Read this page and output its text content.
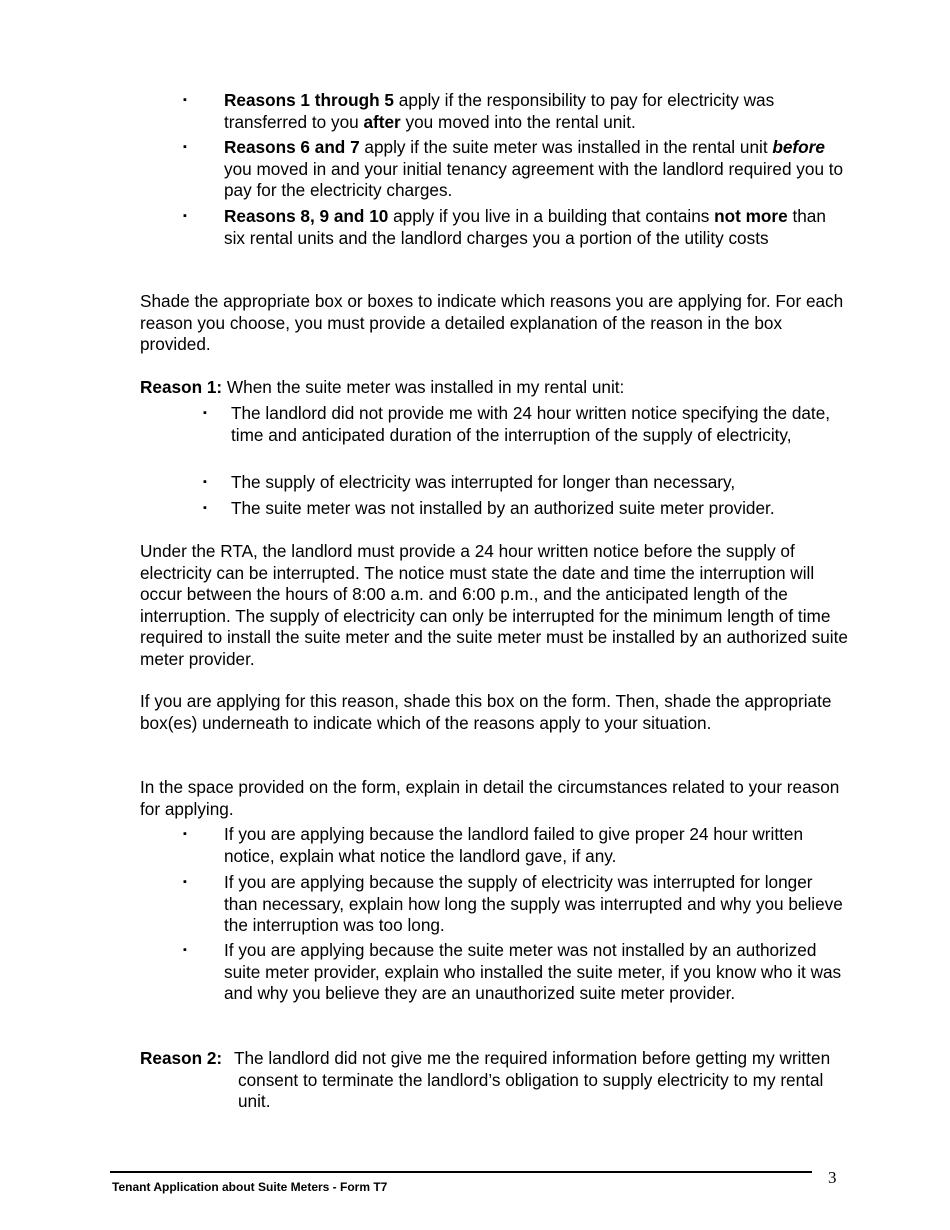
▪ Reasons 1 through 5 apply if the responsibility to pay for electricity was transferred to you after you moved into the rental unit.
▪ Reasons 6 and 7 apply if the suite meter was installed in the rental unit before you moved in and your initial tenancy agreement with the landlord required you to pay for the electricity charges.
▪ Reasons 8, 9 and 10 apply if you live in a building that contains not more than six rental units and the landlord charges you a portion of the utility costs
Shade the appropriate box or boxes to indicate which reasons you are applying for. For each reason you choose, you must provide a detailed explanation of the reason in the box provided.
Reason 1: When the suite meter was installed in my rental unit:
▪ The landlord did not provide me with 24 hour written notice specifying the date, time and anticipated duration of the interruption of the supply of electricity,
▪ The supply of electricity was interrupted for longer than necessary,
▪ The suite meter was not installed by an authorized suite meter provider.
Under the RTA, the landlord must provide a 24 hour written notice before the supply of electricity can be interrupted. The notice must state the date and time the interruption will occur between the hours of 8:00 a.m. and 6:00 p.m., and the anticipated length of the interruption. The supply of electricity can only be interrupted for the minimum length of time required to install the suite meter and the suite meter must be installed by an authorized suite meter provider.
If you are applying for this reason, shade this box on the form. Then, shade the appropriate box(es) underneath to indicate which of the reasons apply to your situation.
In the space provided on the form, explain in detail the circumstances related to your reason for applying.
▪ If you are applying because the landlord failed to give proper 24 hour written notice, explain what notice the landlord gave, if any.
▪ If you are applying because the supply of electricity was interrupted for longer than necessary, explain how long the supply was interrupted and why you believe the interruption was too long.
▪ If you are applying because the suite meter was not installed by an authorized suite meter provider, explain who installed the suite meter, if you know who it was and why you believe they are an unauthorized suite meter provider.
Reason 2: The landlord did not give me the required information before getting my written consent to terminate the landlord’s obligation to supply electricity to my rental unit.
Tenant Application about Suite Meters - Form T7	3
